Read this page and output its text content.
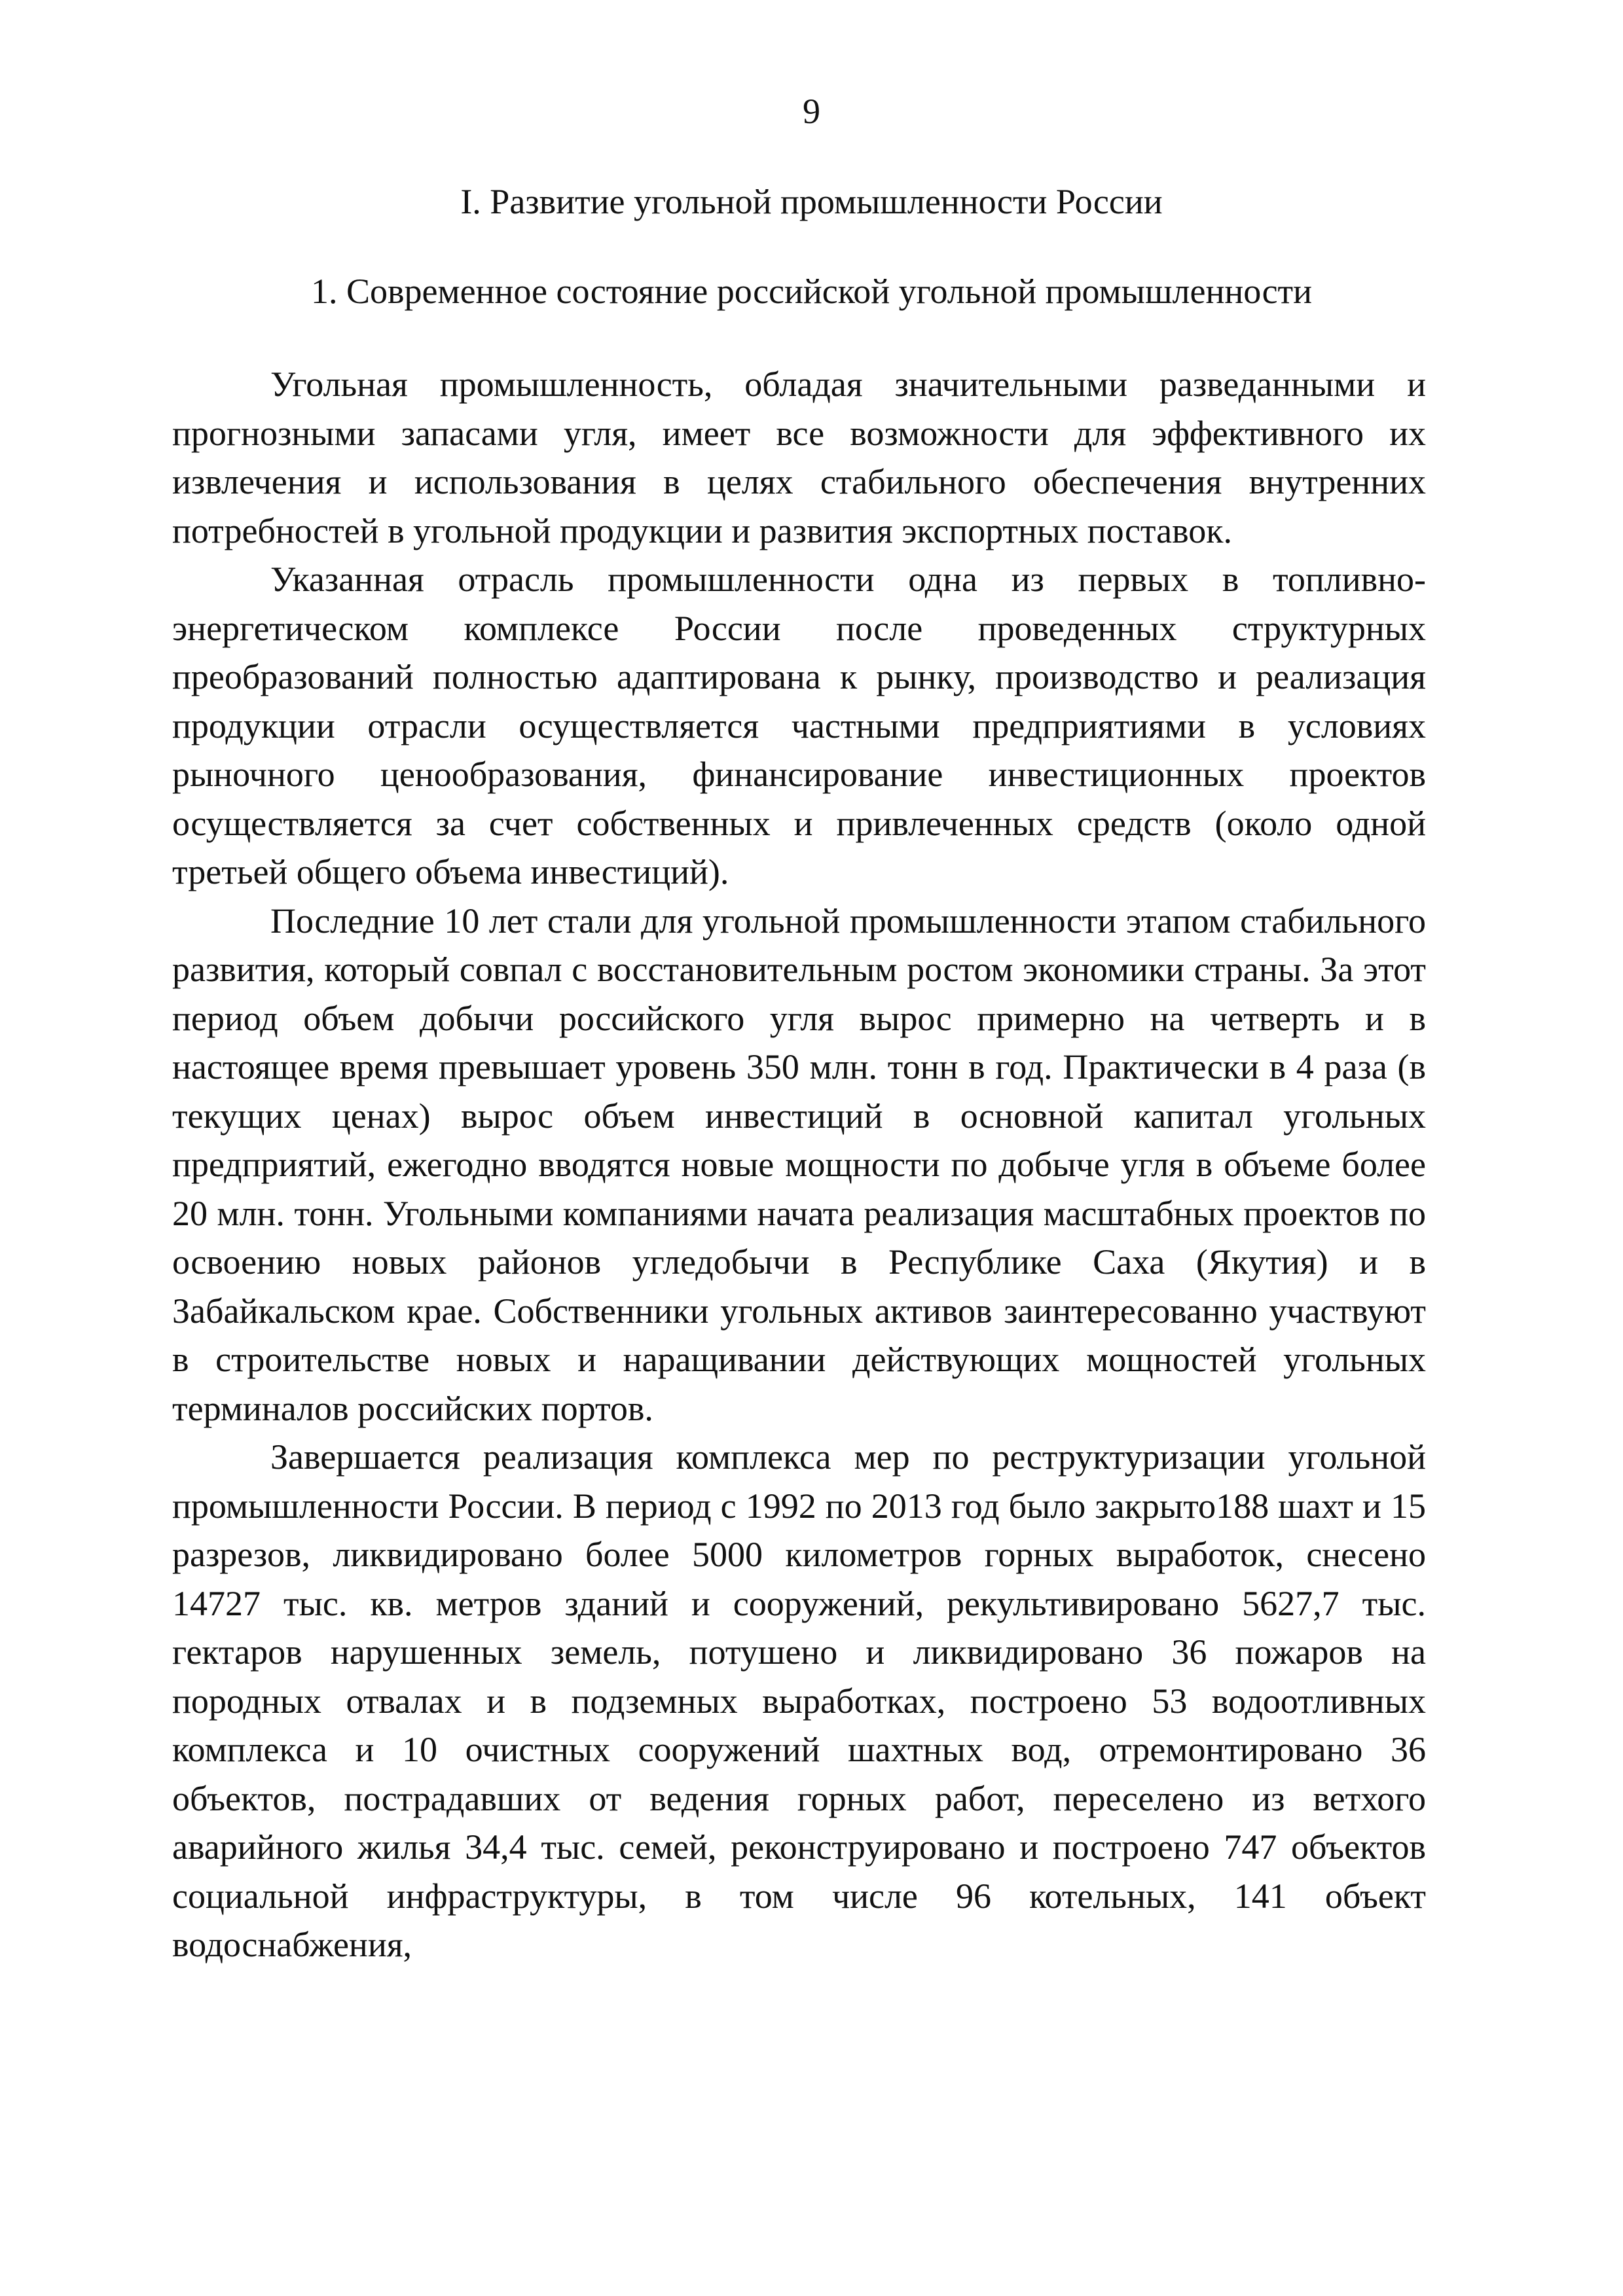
9
I. Развитие угольной промышленности России
1. Современное состояние российской угольной промышленности

Угольная промышленность, обладая значительными разведанными и прогнозными запасами угля, имеет все возможности для эффективного их извлечения и использования в целях стабильного обеспечения внутренних потребностей в угольной продукции и развития экспортных поставок.

Указанная отрасль промышленности одна из первых в топливно-энергетическом комплексе России после проведенных структурных преобразований полностью адаптирована к рынку, производство и реализация продукции отрасли осуществляется частными предприятиями в условиях рыночного ценообразования, финансирование инвестиционных проектов осуществляется за счет собственных и привлеченных средств (около одной третьей общего объема инвестиций).

Последние 10 лет стали для угольной промышленности этапом стабильного развития, который совпал с восстановительным ростом экономики страны. За этот период объем добычи российского угля вырос примерно на четверть и в настоящее время превышает уровень 350 млн. тонн в год. Практически в 4 раза (в текущих ценах) вырос объем инвестиций в основной капитал угольных предприятий, ежегодно вводятся новые мощности по добыче угля в объеме более 20 млн. тонн. Угольными компаниями начата реализация масштабных проектов по освоению новых районов угледобычи в Республике Саха (Якутия) и в Забайкальском крае. Собственники угольных активов заинтересованно участвуют в строительстве новых и наращивании действующих мощностей угольных терминалов российских портов.

Завершается реализация комплекса мер по реструктуризации угольной промышленности России. В период с 1992 по 2013 год было закрыто188 шахт и 15 разрезов, ликвидировано более 5000 километров горных выработок, снесено 14727 тыс. кв. метров зданий и сооружений, рекультивировано 5627,7 тыс. гектаров нарушенных земель, потушено и ликвидировано 36 пожаров на породных отвалах и в подземных выработках, построено 53 водоотливных комплекса и 10 очистных сооружений шахтных вод, отремонтировано 36 объектов, пострадавших от ведения горных работ, переселено из ветхого аварийного жилья 34,4 тыс. семей, реконструировано и построено 747 объектов социальной инфраструктуры, в том числе 96 котельных, 141 объект водоснабжения,
